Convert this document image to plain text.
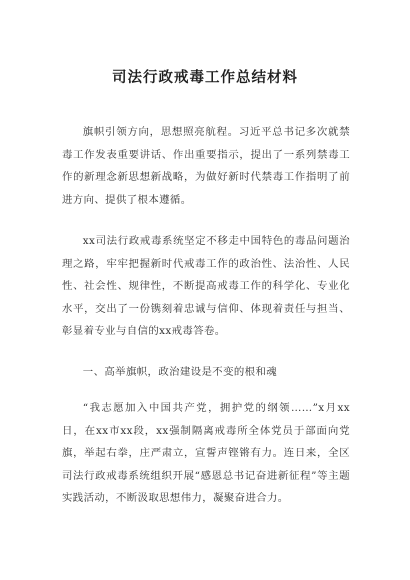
司法行政戒毒工作总结材料

旗帜引领方向，思想照亮航程。习近平总书记多次就禁毒工作发表重要讲话、作出重要指示，提出了一系列禁毒工作的新理念新思想新战略，为做好新时代禁毒工作指明了前进方向、提供了根本遵循。

xx司法行政戒毒系统坚定不移走中国特色的毒品问题治理之路，牢牢把握新时代戒毒工作的政治性、法治性、人民性、社会性、规律性，不断提高戒毒工作的科学化、专业化水平，交出了一份镌刻着忠诚与信仰、体现着责任与担当、彰显着专业与自信的xx戒毒答卷。

一、高举旗帜，政治建设是不变的根和魂

“我志愿加入中国共产党，拥护党的纲领……”x月xx日，在xx市xx段，xx强制隔离戒毒所全体党员于部面向党旗，举起右拳，庄严肃立，宣誓声铿锵有力。连日来，全区司法行政戒毒系统组织开展“感恩总书记奋进新征程”等主题实践活动，不断汲取思想伟力，凝聚奋进合力。
